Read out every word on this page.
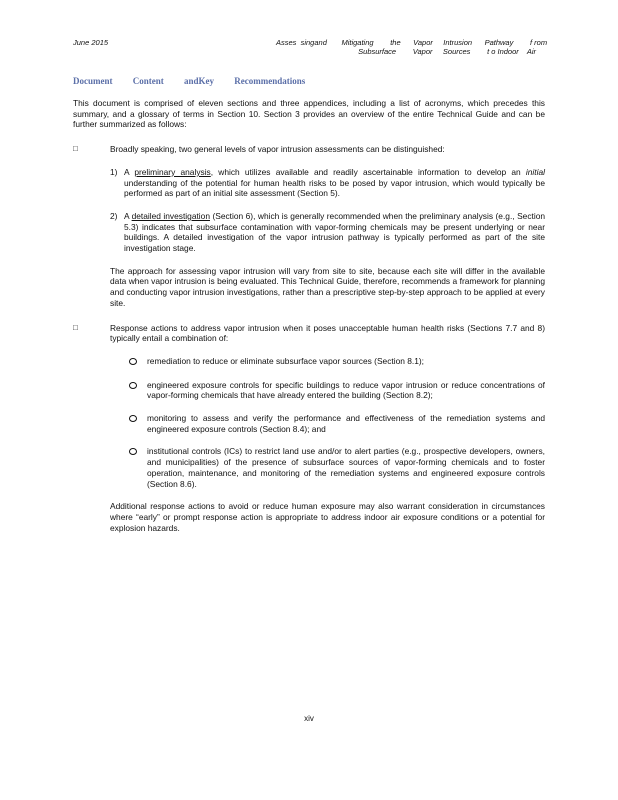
June 2015	Asses  singand       Mitigating        the      Vapor     Intrusion      Pathway        f rom
Subsurface        Vapor     Sources        t o Indoor    Air
Document Content andKey Recommendations

This document is comprised of eleven sections and three appendices, including a list of acronyms, which precedes this summary, and a glossary of terms in Section 10. Section 3 provides an overview of the entire Technical Guide and can be further summarized as follows:

□	Broadly speaking, two general levels of vapor intrusion assessments can be distinguished:

1) A preliminary analysis, which utilizes available and readily ascertainable information to develop an initial understanding of the potential for human health risks to be posed by vapor intrusion, which would typically be performed as part of an initial site assessment (Section 5).

2) A detailed investigation (Section 6), which is generally recommended when the preliminary analysis (e.g., Section 5.3) indicates that subsurface contamination with vapor-forming chemicals may be present underlying or near buildings. A detailed investigation of the vapor intrusion pathway is typically performed as part of the site investigation stage.

The approach for assessing vapor intrusion will vary from site to site, because each site will differ in the available data when vapor intrusion is being evaluated. This Technical Guide, therefore, recommends a framework for planning and conducting vapor intrusion investigations, rather than a prescriptive step-by-step approach to be applied at every site.

□	Response actions to address vapor intrusion when it poses unacceptable human health risks (Sections 7.7 and 8) typically entail a combination of:

remediation to reduce or eliminate subsurface vapor sources (Section 8.1);

engineered exposure controls for specific buildings to reduce vapor intrusion or reduce concentrations of vapor-forming chemicals that have already entered the building (Section 8.2);

monitoring to assess and verify the performance and effectiveness of the remediation systems and engineered exposure controls (Section 8.4); and

institutional controls (ICs) to restrict land use and/or to alert parties (e.g., prospective developers, owners, and municipalities) of the presence of subsurface sources of vapor-forming chemicals and to foster operation, maintenance, and monitoring of the remediation systems and engineered exposure controls (Section 8.6).

Additional response actions to avoid or reduce human exposure may also warrant consideration in circumstances where “early” or prompt response action is appropriate to address indoor air exposure conditions or a potential for explosion hazards.

xiv
